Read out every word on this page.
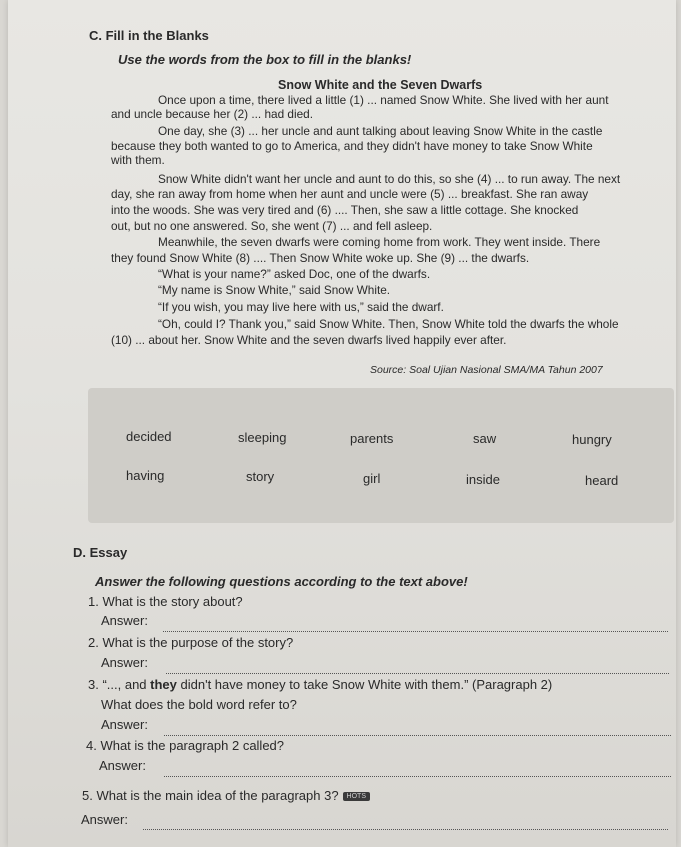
C. Fill in the Blanks
Use the words from the box to fill in the blanks!
Snow White and the Seven Dwarfs
Once upon a time, there lived a little (1) ... named Snow White. She lived with her aunt
and uncle because her (2) ... had died.
One day, she (3) ... her uncle and aunt talking about leaving Snow White in the castle
because they both wanted to go to America, and they didn't have money to take Snow White
with them.
Snow White didn't want her uncle and aunt to do this, so she (4) ... to run away. The next
day, she ran away from home when her aunt and uncle were (5) ... breakfast. She ran away
into the woods. She was very tired and (6) .... Then, she saw a little cottage. She knocked
out, but no one answered. So, she went (7) ... and fell asleep.
Meanwhile, the seven dwarfs were coming home from work. They went inside. There
they found Snow White (8) .... Then Snow White woke up. She (9) ... the dwarfs.
“What is your name?” asked Doc, one of the dwarfs.
“My name is Snow White,” said Snow White.
“If you wish, you may live here with us,” said the dwarf.
“Oh, could I? Thank you,” said Snow White. Then, Snow White told the dwarfs the whole
(10) ... about her. Snow White and the seven dwarfs lived happily ever after.
Source: Soal Ujian Nasional SMA/MA Tahun 2007
decided	sleeping	parents	saw	hungry
having	story	girl	inside	heard
D. Essay
Answer the following questions according to the text above!
1. What is the story about?
Answer:
2. What is the purpose of the story?
Answer:
3. “..., and they didn't have money to take Snow White with them.” (Paragraph 2)
What does the bold word refer to?
Answer:
4. What is the paragraph 2 called?
Answer:
5. What is the main idea of the paragraph 3? HOTS
Answer:
